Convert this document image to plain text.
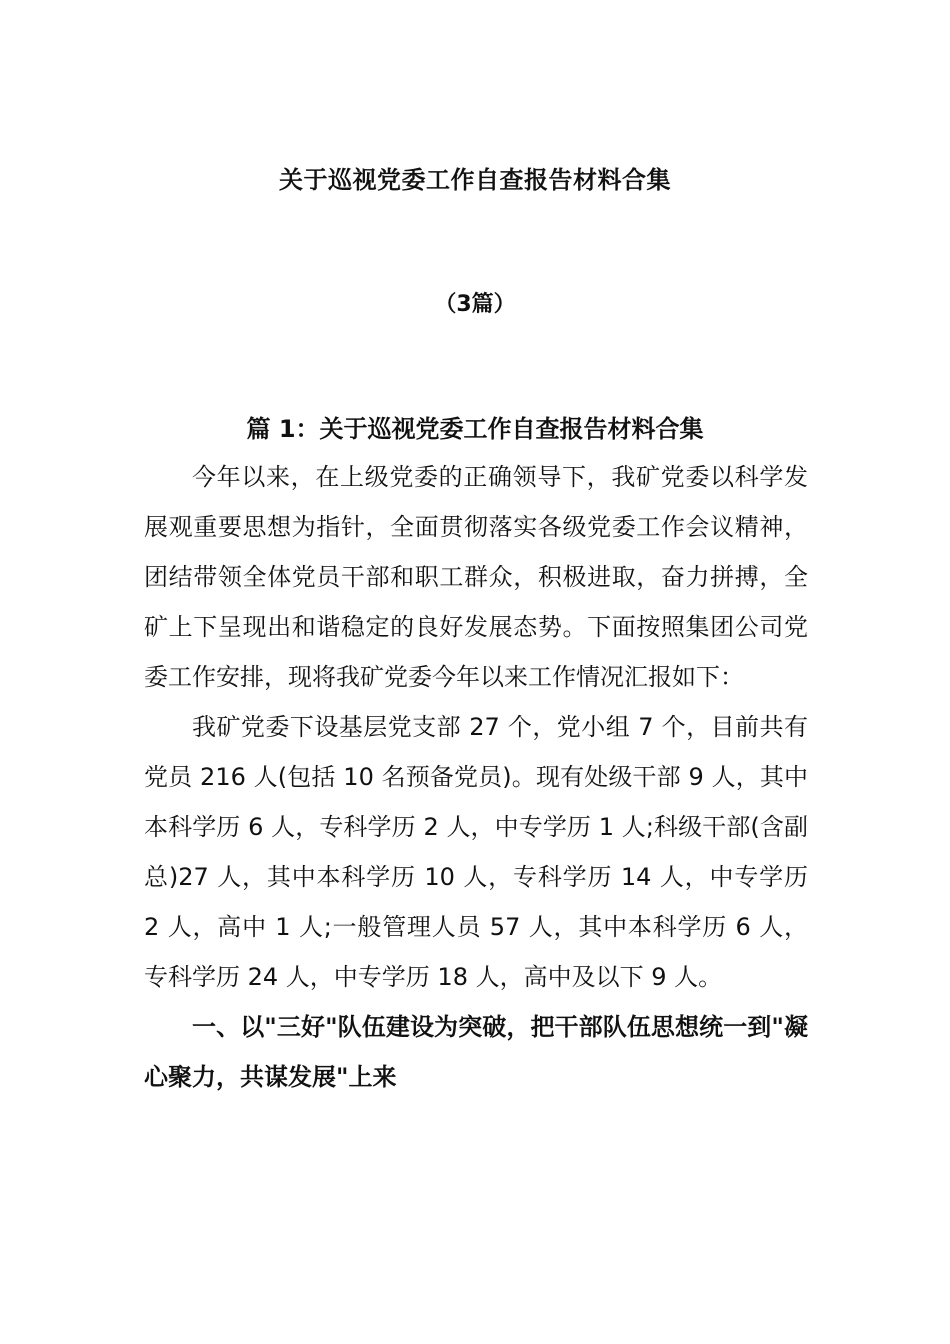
关于巡视党委工作自查报告材料合集
（3篇）
篇 1：关于巡视党委工作自查报告材料合集

今年以来，在上级党委的正确领导下，我矿党委以科学发展观重要思想为指针，全面贯彻落实各级党委工作会议精神，团结带领全体党员干部和职工群众，积极进取，奋力拼搏，全矿上下呈现出和谐稳定的良好发展态势。下面按照集团公司党委工作安排，现将我矿党委今年以来工作情况汇报如下：

我矿党委下设基层党支部 27 个，党小组 7 个，目前共有党员 216 人(包括 10 名预备党员)。现有处级干部 9 人，其中本科学历 6 人，专科学历 2 人，中专学历 1 人;科级干部(含副总)27 人，其中本科学历 10 人，专科学历 14 人，中专学历 2 人，高中 1 人;一般管理人员 57 人，其中本科学历 6 人，专科学历 24 人，中专学历 18 人，高中及以下 9 人。

一、以"三好"队伍建设为突破，把干部队伍思想统一到"凝心聚力，共谋发展"上来
